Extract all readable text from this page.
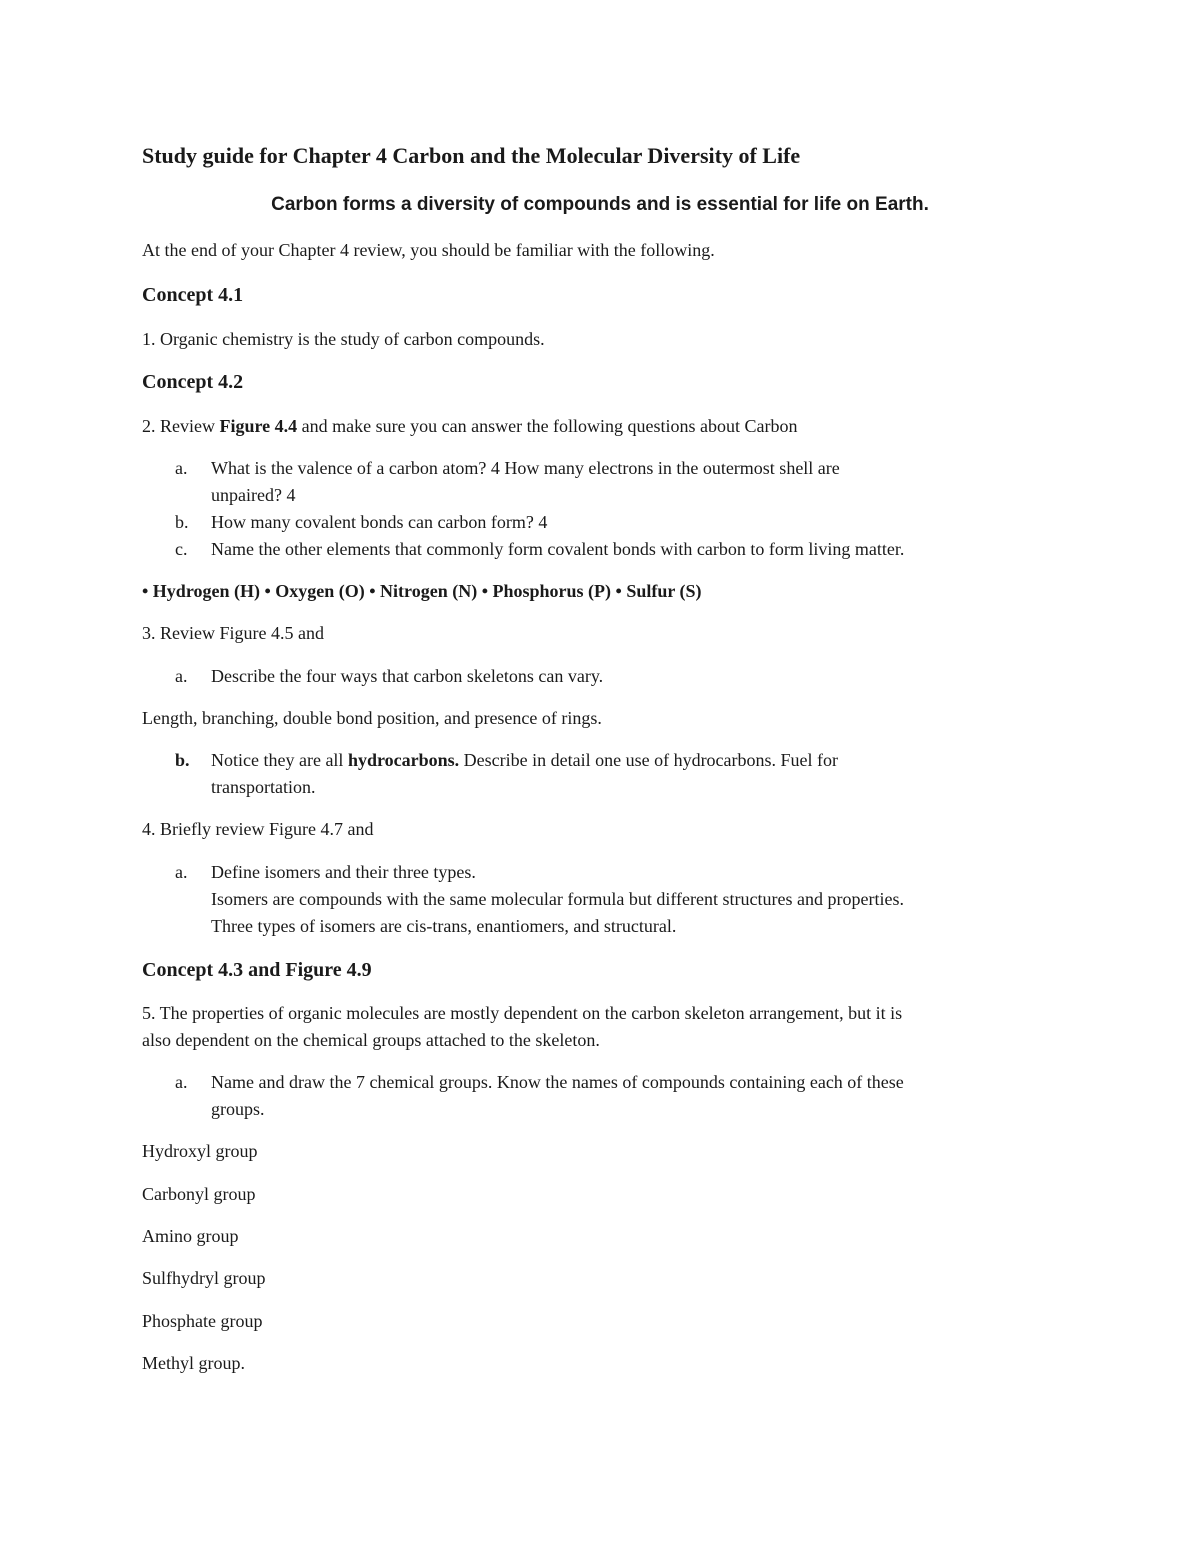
Study guide for Chapter 4 Carbon and the Molecular Diversity of Life
Carbon forms a diversity of compounds and is essential for life on Earth.
At the end of your Chapter 4 review, you should be familiar with the following.
Concept 4.1
1. Organic chemistry is the study of carbon compounds.
Concept 4.2
2. Review Figure 4.4 and make sure you can answer the following questions about Carbon
a. What is the valence of a carbon atom? 4 How many electrons in the outermost shell are
unpaired? 4
b. How many covalent bonds can carbon form? 4
c. Name the other elements that commonly form covalent bonds with carbon to form living matter.
• Hydrogen (H) • Oxygen (O) • Nitrogen (N) • Phosphorus (P) • Sulfur (S)
3. Review Figure 4.5 and
a. Describe the four ways that carbon skeletons can vary.
Length, branching, double bond position, and presence of rings.
b. Notice they are all hydrocarbons. Describe in detail one use of hydrocarbons. Fuel for
transportation.
4. Briefly review Figure 4.7 and
a. Define isomers and their three types.
Isomers are compounds with the same molecular formula but different structures and properties.
Three types of isomers are cis-trans, enantiomers, and structural.
Concept 4.3 and Figure 4.9
5. The properties of organic molecules are mostly dependent on the carbon skeleton arrangement, but it is
also dependent on the chemical groups attached to the skeleton.
a. Name and draw the 7 chemical groups. Know the names of compounds containing each of these
groups.
Hydroxyl group
Carbonyl group
Amino group
Sulfhydryl group
Phosphate group
Methyl group.
